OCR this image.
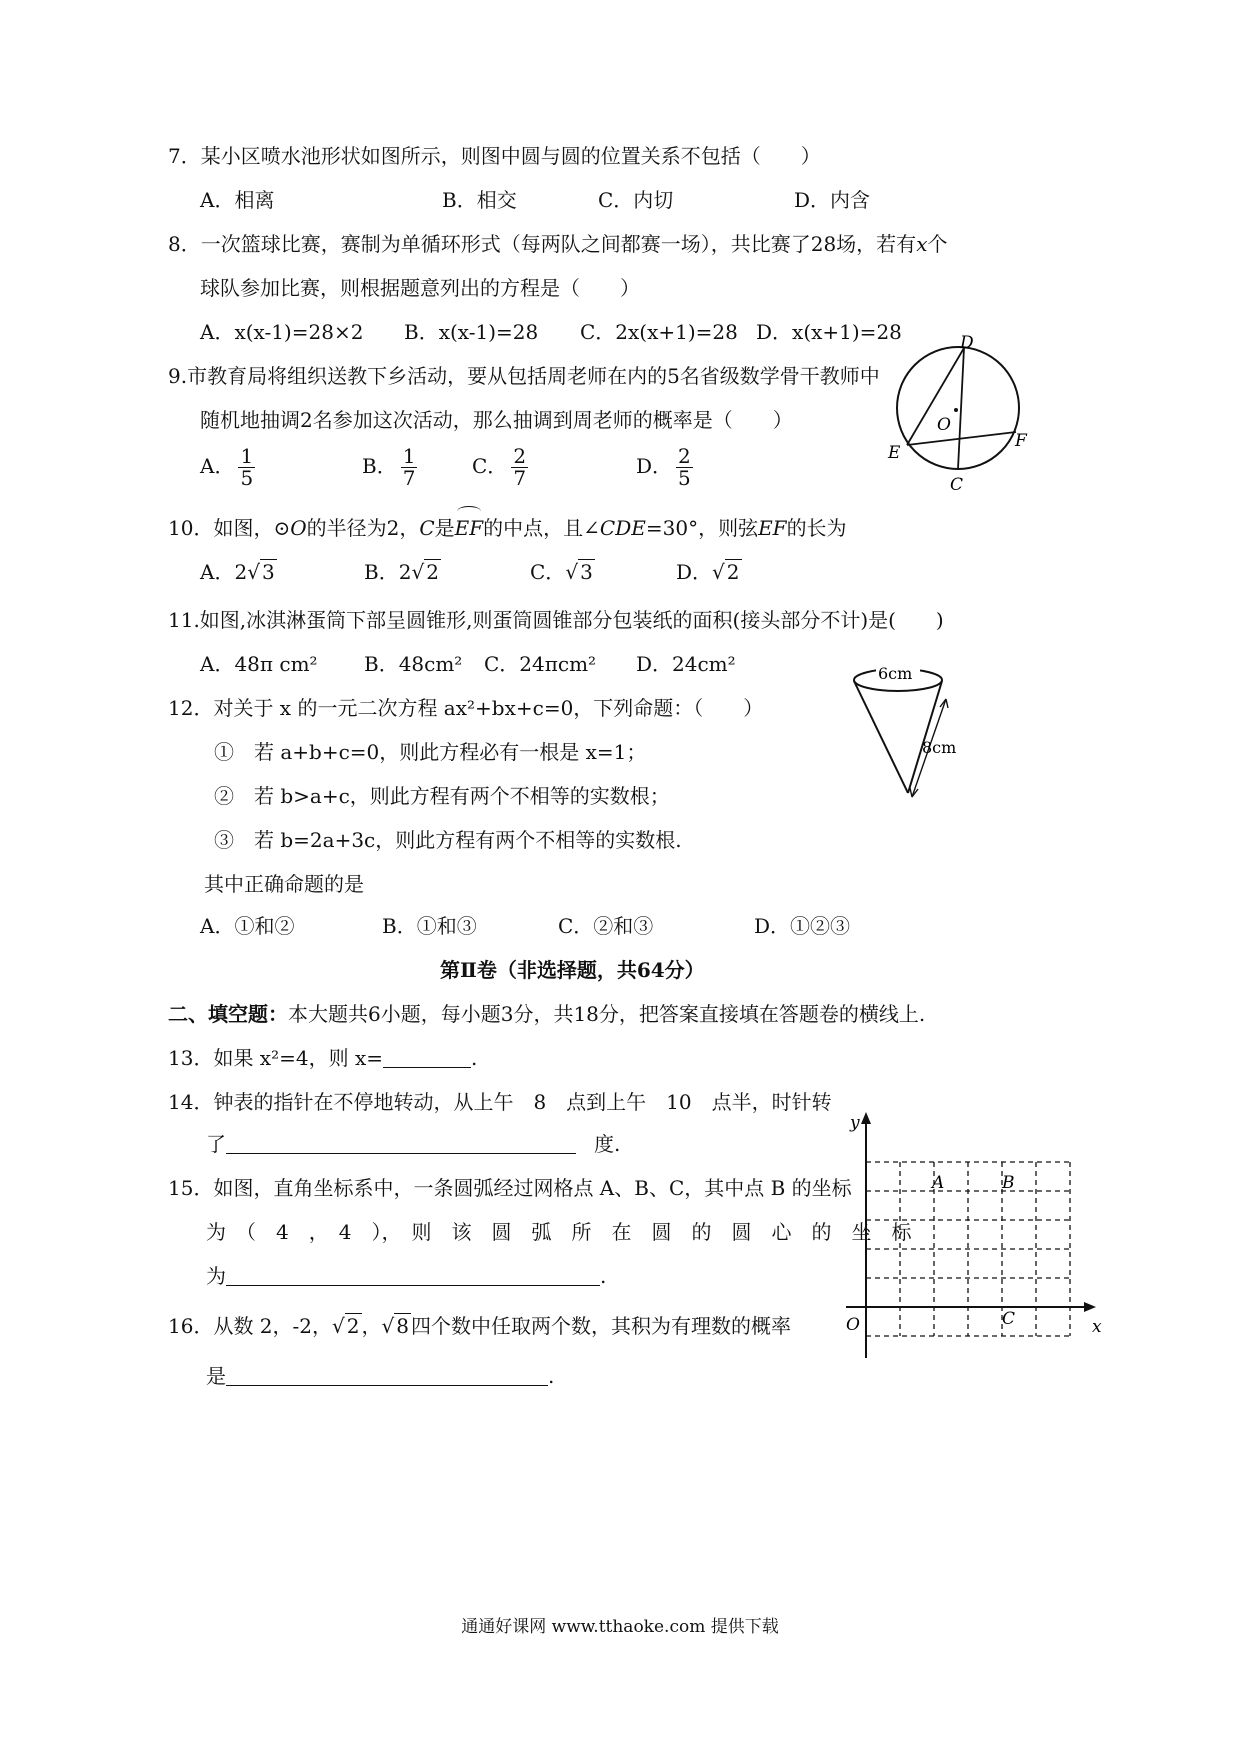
7．某小区喷水池形状如图所示，则图中圆与圆的位置关系不包括（　　）
A．相离	B．相交	C．内切	D．内含
8．一次篮球比赛，赛制为单循环形式（每两队之间都赛一场），共比赛了28场，若有x个
球队参加比赛，则根据题意列出的方程是（　　）
A．x(x-1)=28×2 B．x(x-1)=28 C．2x(x+1)=28 D．x(x+1)=28
9.市教育局将组织送教下乡活动，要从包括周老师在内的5名省级数学骨干教师中
随机地抽调2名参加这次活动，那么抽调到周老师的概率是（　　）
A． $\frac{1}{5}$	B． $\frac{1}{7}$	C． $\frac{2}{7}$	D． $\frac{2}{5}$
D
O
E
F
C
10．如图，⊙O的半径为2，C是
EF的中点，且∠CDE=30°，则弦EF的长为
A．2√ 3	B．2√ 2	C．√ 3	D．√ 2
11.如图,冰淇淋蛋筒下部呈圆锥形,则蛋筒圆锥部分包装纸的面积(接头部分不计)是(　　)
A．48π cm² B．48cm² C．24πcm² D．24cm²	6cm
8cm
12．对关于 x 的一元二次方程 ax²+bx+c=0，下列命题：（　　）
①　若 a+b+c=0，则此方程必有一根是 x=1；
②　若 b>a+c，则此方程有两个不相等的实数根；
③　若 b=2a+3c，则此方程有两个不相等的实数根.
其中正确命题的是
A．①和②	B．①和③	C．②和③	D．①②③
第Ⅱ卷（非选择题，共64分）
二、填空题：本大题共6小题，每小题3分，共18分，把答案直接填在答题卷的横线上.
13．如果 x²=4，则 x=	.
14．钟表的指针在不停地转动，从上午　8　点到上午　10　点半，时针转
了	度.
15．如图，直角坐标系中，一条圆弧经过网格点 A、B、C，其中点 B 的坐标
为　（　4　，　4　），　则　该　圆　弧　所　在　圆　的　圆　心　的　坐　标
为	.
y
x
O
A	B
C
16．从数 2，-2，√ 2 ，√ 8 四个数中任取两个数，其积为有理数的概率
是	.
通通好课网 www.tthaoke.com 提供下载
